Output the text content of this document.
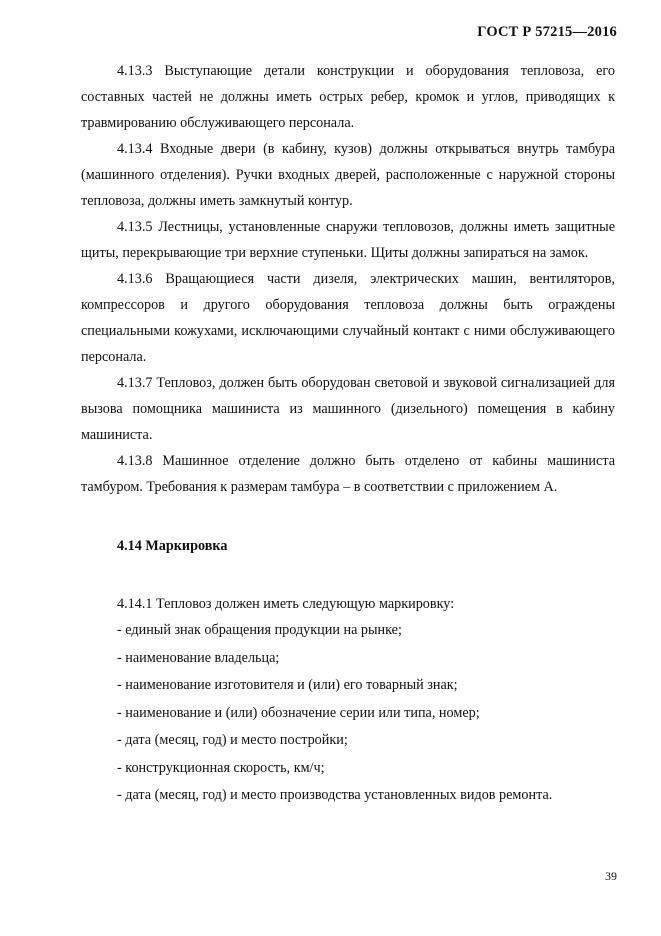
ГОСТ Р 57215—2016

4.13.3 Выступающие детали конструкции и оборудования тепловоза, его составных частей не должны иметь острых ребер, кромок и углов, приводящих к травмированию обслуживающего персонала.

4.13.4 Входные двери (в кабину, кузов) должны открываться внутрь тамбура (машинного отделения). Ручки входных дверей, расположенные с наружной стороны тепловоза, должны иметь замкнутый контур.

4.13.5 Лестницы, установленные снаружи тепловозов, должны иметь защитные щиты, перекрывающие три верхние ступеньки. Щиты должны запираться на замок.

4.13.6 Вращающиеся части дизеля, электрических машин, вентиляторов, компрессоров и другого оборудования тепловоза должны быть ограждены специальными кожухами, исключающими случайный контакт с ними обслуживающего персонала.

4.13.7 Тепловоз, должен быть оборудован световой и звуковой сигнализацией для вызова помощника машиниста из машинного (дизельного) помещения в кабину машиниста.

4.13.8 Машинное отделение должно быть отделено от кабины машиниста тамбуром. Требования к размерам тамбура – в соответствии с приложением А.

4.14 Маркировка

4.14.1 Тепловоз должен иметь следующую маркировку:

- единый знак обращения продукции на рынке;
- наименование владельца;
- наименование изготовителя и (или) его товарный знак;
- наименование и (или) обозначение серии или типа, номер;
- дата (месяц, год) и место постройки;
- конструкционная скорость, км/ч;
- дата (месяц, год) и место производства установленных видов ремонта.
39
